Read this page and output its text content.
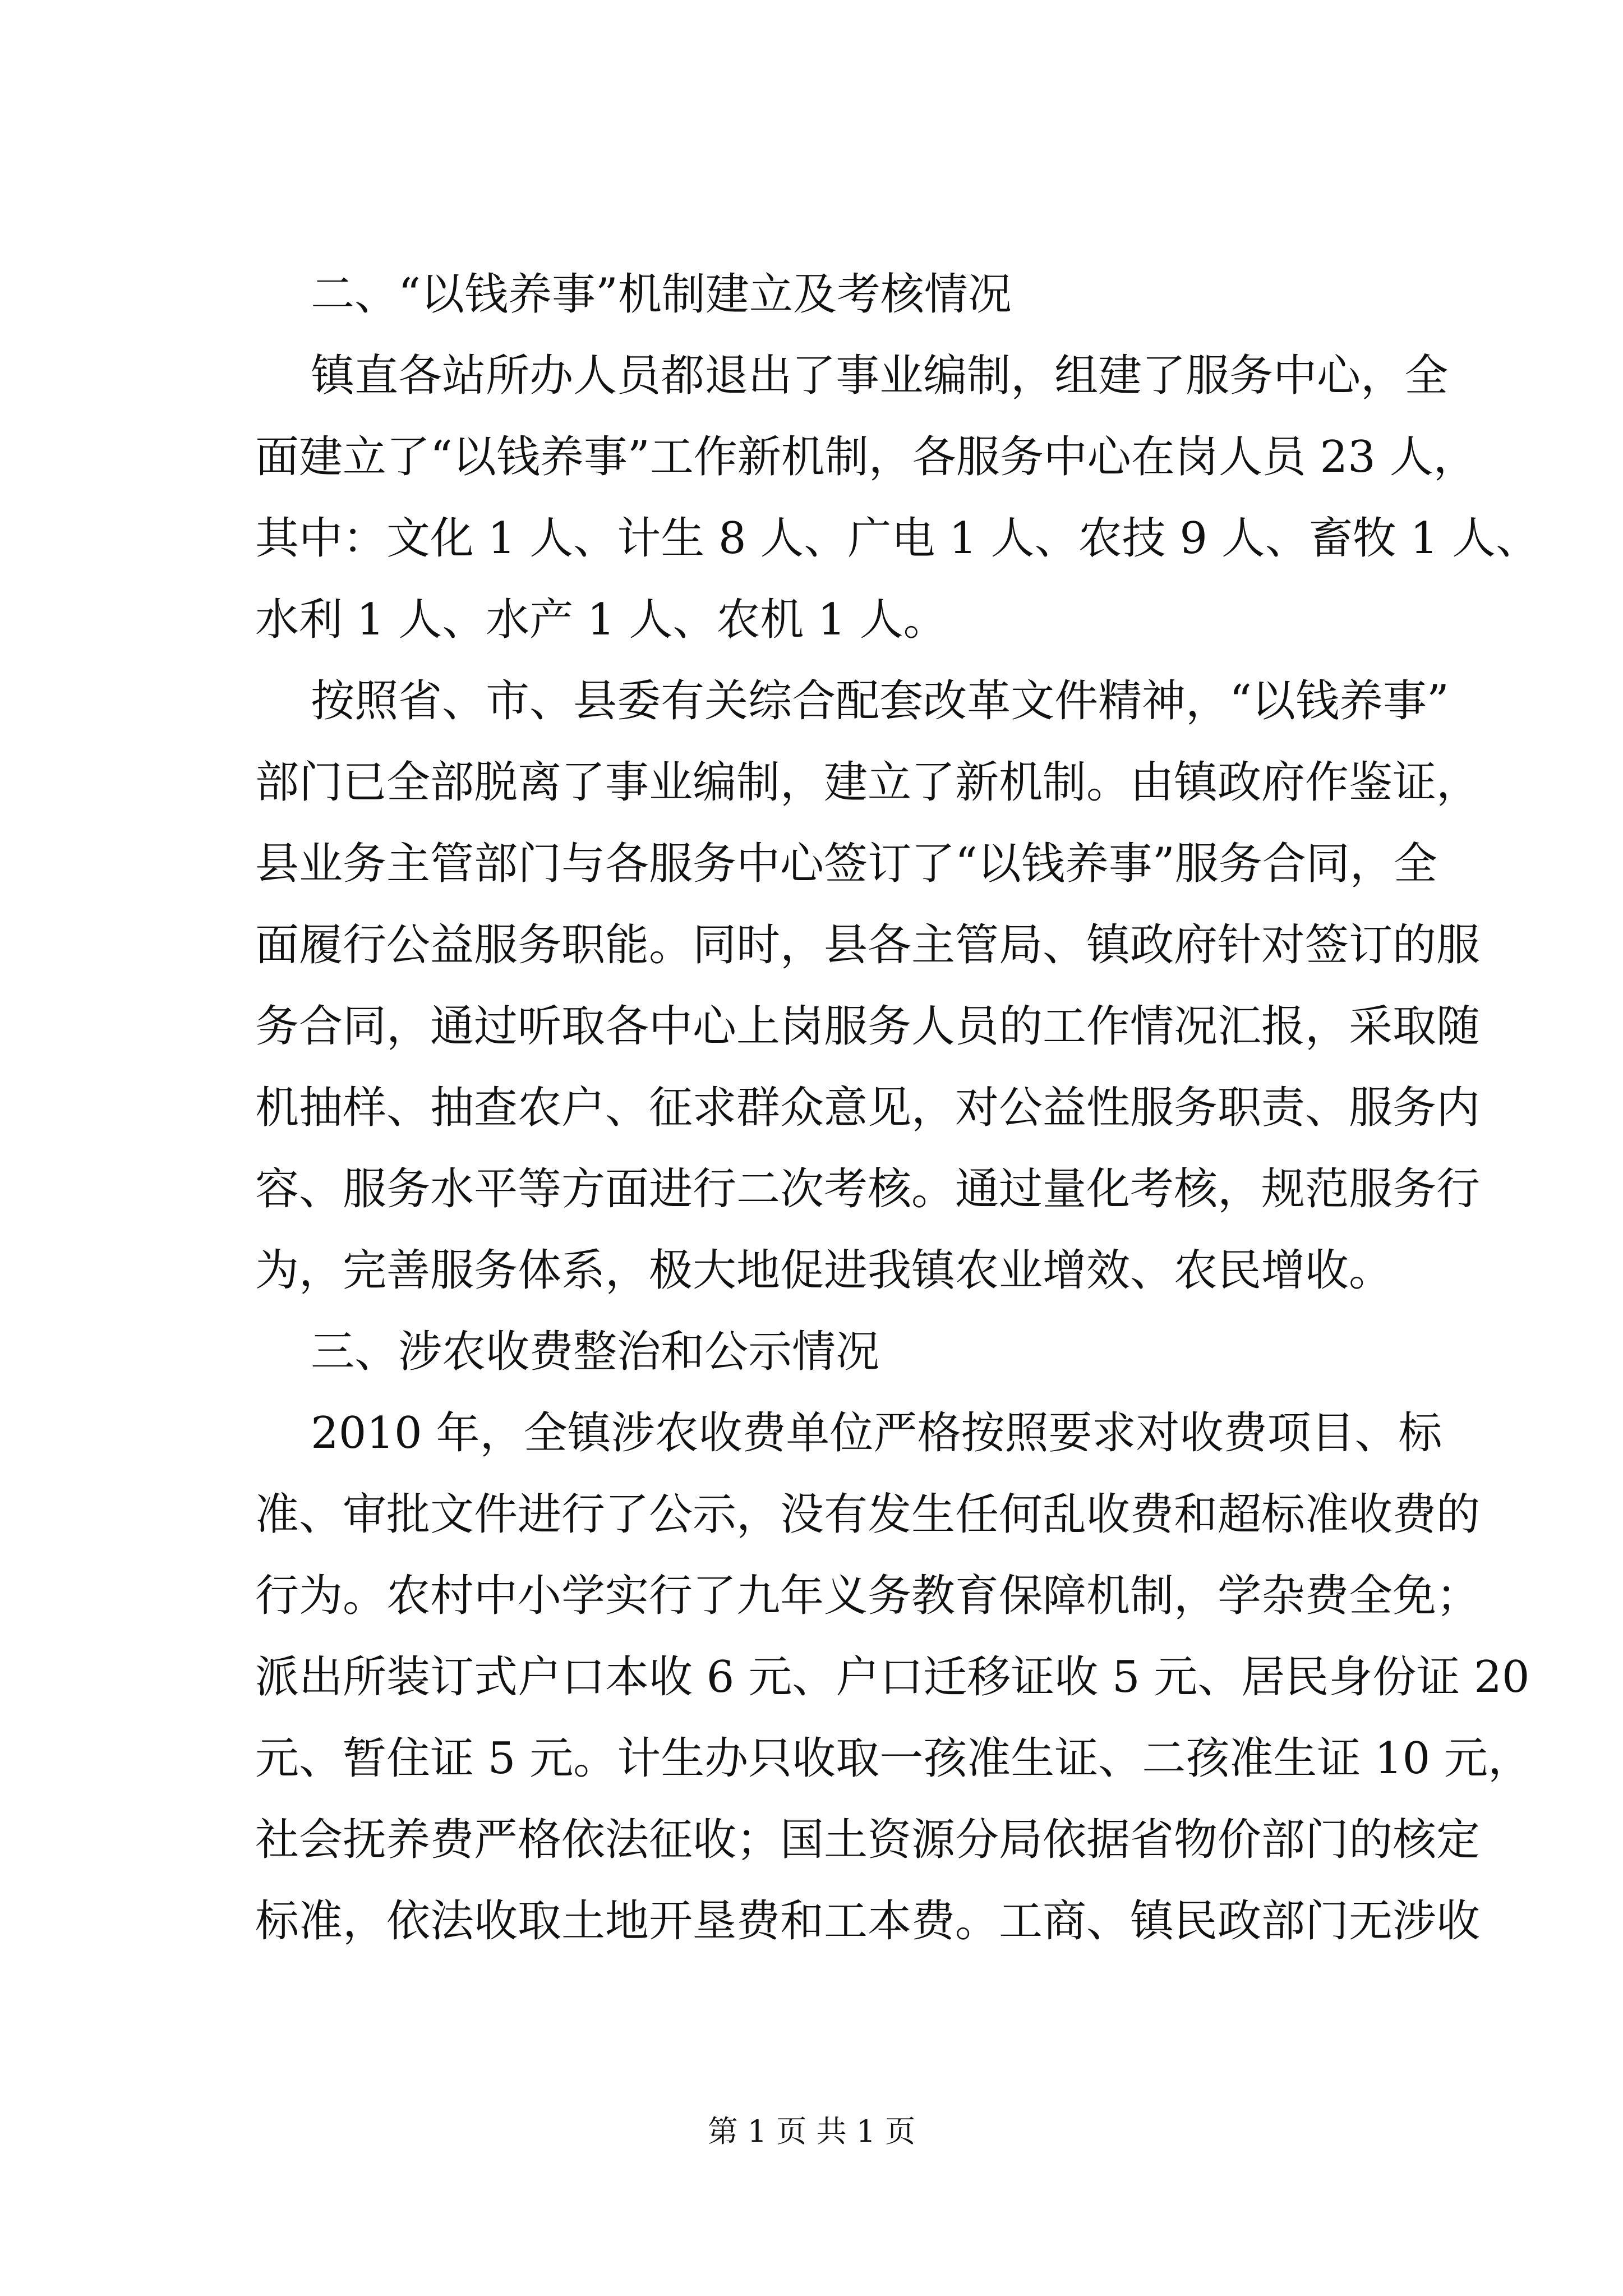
二、“以钱养事”机制建立及考核情况
镇直各站所办人员都退出了事业编制，组建了服务中心，全
面建立了“以钱养事”工作新机制，各服务中心在岗人员 23 人，
其中：文化 1 人、计生 8 人、广电 1 人、农技 9 人、畜牧 1 人、
水利 1 人、水产 1 人、农机 1 人。
按照省、市、县委有关综合配套改革文件精神，“以钱养事”
部门已全部脱离了事业编制，建立了新机制。由镇政府作鉴证，
县业务主管部门与各服务中心签订了“以钱养事”服务合同，全
面履行公益服务职能。同时，县各主管局、镇政府针对签订的服
务合同，通过听取各中心上岗服务人员的工作情况汇报，采取随
机抽样、抽查农户、征求群众意见，对公益性服务职责、服务内
容、服务水平等方面进行二次考核。通过量化考核，规范服务行
为，完善服务体系，极大地促进我镇农业增效、农民增收。
三、涉农收费整治和公示情况
2010 年，全镇涉农收费单位严格按照要求对收费项目、标
准、审批文件进行了公示，没有发生任何乱收费和超标准收费的
行为。农村中小学实行了九年义务教育保障机制，学杂费全免；
派出所装订式户口本收 6 元、户口迁移证收 5 元、居民身份证 20
元、暂住证 5 元。计生办只收取一孩准生证、二孩准生证 10 元，
社会抚养费严格依法征收；国土资源分局依据省物价部门的核定
标准，依法收取土地开垦费和工本费。工商、镇民政部门无涉收
第 1 页 共 1 页
